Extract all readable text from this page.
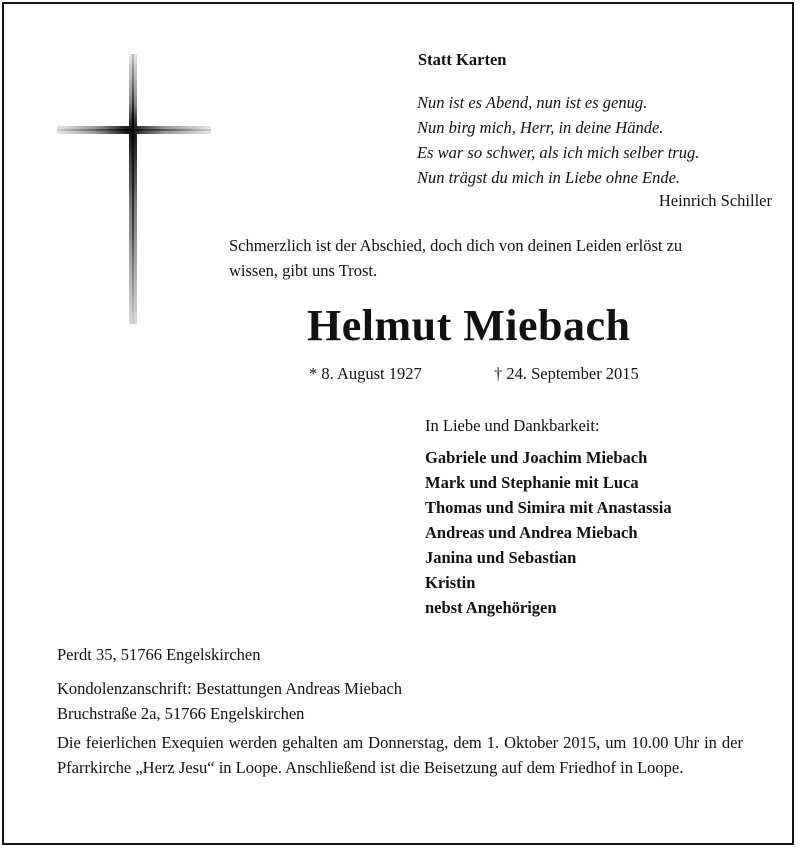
Statt Karten
Nun ist es Abend, nun ist es genug.
Nun birg mich, Herr, in deine Hände.
Es war so schwer, als ich mich selber trug.
Nun trägst du mich in Liebe ohne Ende.
Heinrich Schiller
Schmerzlich ist der Abschied, doch dich von deinen Leiden erlöst zu
wissen, gibt uns Trost.
Helmut Miebach
* 8. August 1927	† 24. September 2015
In Liebe und Dankbarkeit:
Gabriele und Joachim Miebach
Mark und Stephanie mit Luca
Thomas und Simira mit Anastassia
Andreas und Andrea Miebach
Janina und Sebastian
Kristin
nebst Angehörigen
Perdt 35, 51766 Engelskirchen
Kondolenzanschrift: Bestattungen Andreas Miebach
Bruchstraße 2a, 51766 Engelskirchen
Die feierlichen Exequien werden gehalten am Donnerstag, dem 1. Oktober 2015, um 10.00 Uhr in der Pfarrkirche „Herz Jesu“ in Loope. Anschließend ist die Beisetzung auf dem Friedhof in Loope.
